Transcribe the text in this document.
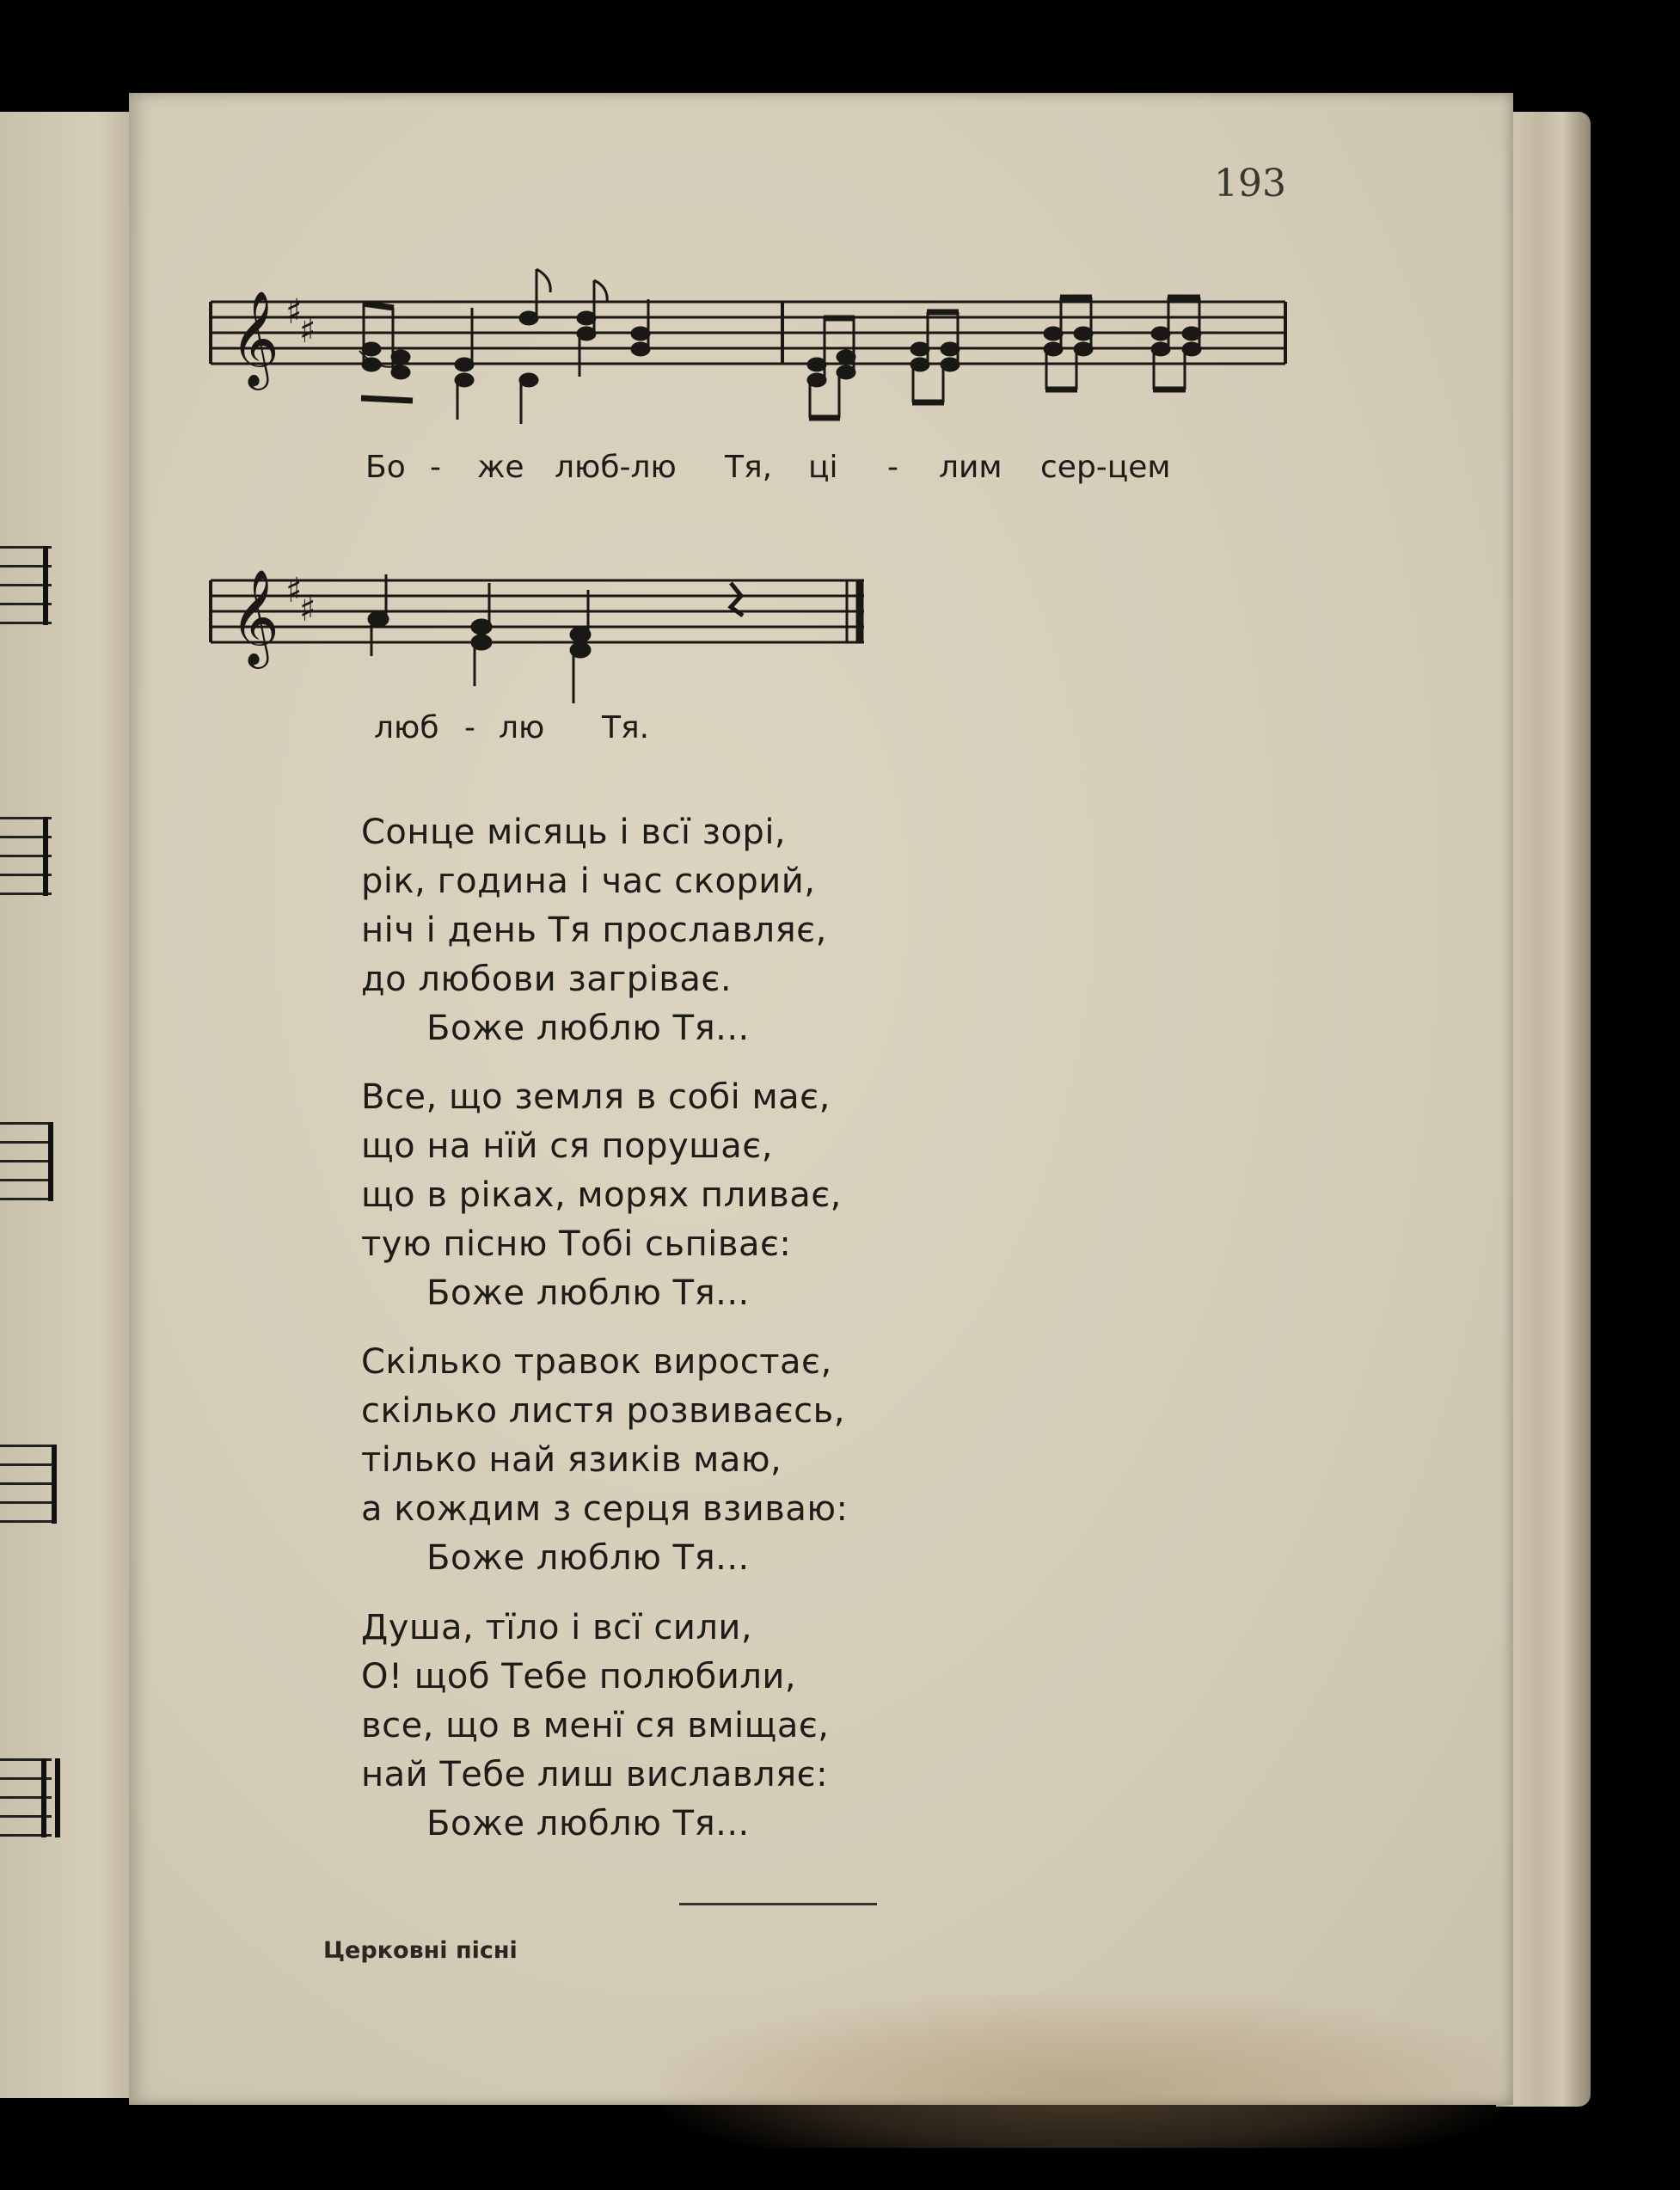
193
𝄞 ♯
♯
𝄞 ♯
♯
Бо - же люб-лю Тя, ці - лим сер-цем
люб - лю Тя.
Сонце місяць і всї зорі,
рік, година і час скорий,
ніч і день Тя прославляє,
до любови загріває.
Боже люблю Тя...
Все, що земля в собі має,
що на нїй ся порушає,
що в ріках, морях пливає,
тую пісню Тобі сьпіває:
Боже люблю Тя...
Скілько травок виростає,
скілько листя розвиваєсь,
тілько най язиків маю,
а кождим з серця взиваю:
Боже люблю Тя...
Душа, тїло і всї сили,
О! щоб Тебе полюбили,
все, що в менї ся вміщає,
най Тебе лиш виславляє:
Боже люблю Тя...
Церковні пісні
